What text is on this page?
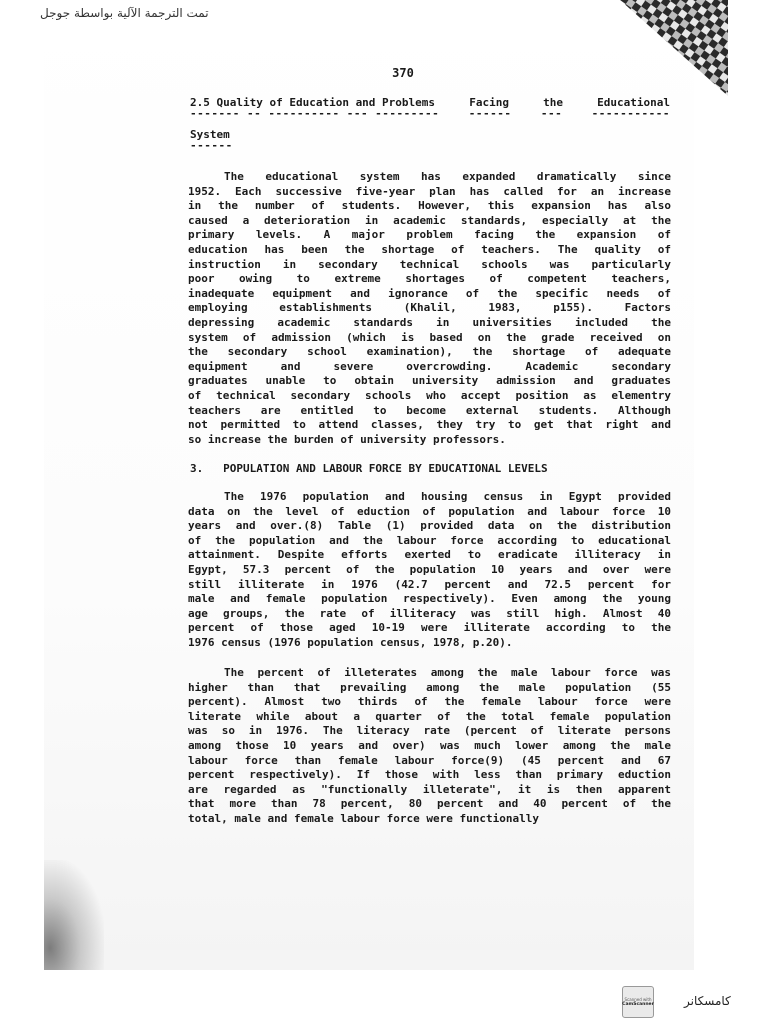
تمت الترجمة الآلية بواسطة جوجل
370
2.5 Quality of Education and Problems	Facing	the	Educational
------- -- ---------- --- ---------	------	---	-----------
System
------
The educational system has expanded dramatically since
1952. Each successive five-year plan has called for an increase
in the number of students. However, this expansion has also
caused a deterioration in academic standards, especially at the
primary levels. A major problem facing the expansion of
education has been the shortage of teachers. The quality of
instruction in secondary technical schools was particularly
poor owing to extreme shortages of competent teachers,
inadequate equipment and ignorance of the specific needs of
employing establishments (Khalil, 1983, p155). Factors
depressing academic standards in universities included the
system of admission (which is based on the grade received on
the secondary school examination), the shortage of adequate
equipment and severe overcrowding. Academic secondary
graduates unable to obtain university admission and graduates
of technical secondary schools who accept position as elementry
teachers are entitled to become external students. Although
not permitted to attend classes, they try to get that right and
so increase the burden of university professors.
3.   POPULATION AND LABOUR FORCE BY EDUCATIONAL LEVELS
The 1976 population and housing census in Egypt provided
data on the level of eduction of population and labour force 10
years and over.(8) Table (1) provided data on the distribution
of the population and the labour force according to educational
attainment. Despite efforts exerted to eradicate illiteracy in
Egypt, 57.3 percent of the population 10 years and over were
still illiterate in 1976 (42.7 percent and 72.5 percent for
male and female population respectively). Even among the young
age groups, the rate of illiteracy was still high. Almost 40
percent of those aged 10-19 were illiterate according to the
1976 census (1976 population census, 1978, p.20).
The percent of illeterates among the male labour force was
higher than that prevailing among the male population (55
percent). Almost two thirds of the female labour force were
literate while about a quarter of the total female population
was so in 1976. The literacy rate (percent of literate persons
among those 10 years and over) was much lower among the male
labour force than female labour force(9) (45 percent and 67
percent respectively). If those with less than primary eduction
are regarded as "functionally illeterate", it is then apparent
that more than 78 percent, 80 percent and 40 percent of the
total, male and female labour force were functionally
Scanned with
CamScanner	كامسكانر
